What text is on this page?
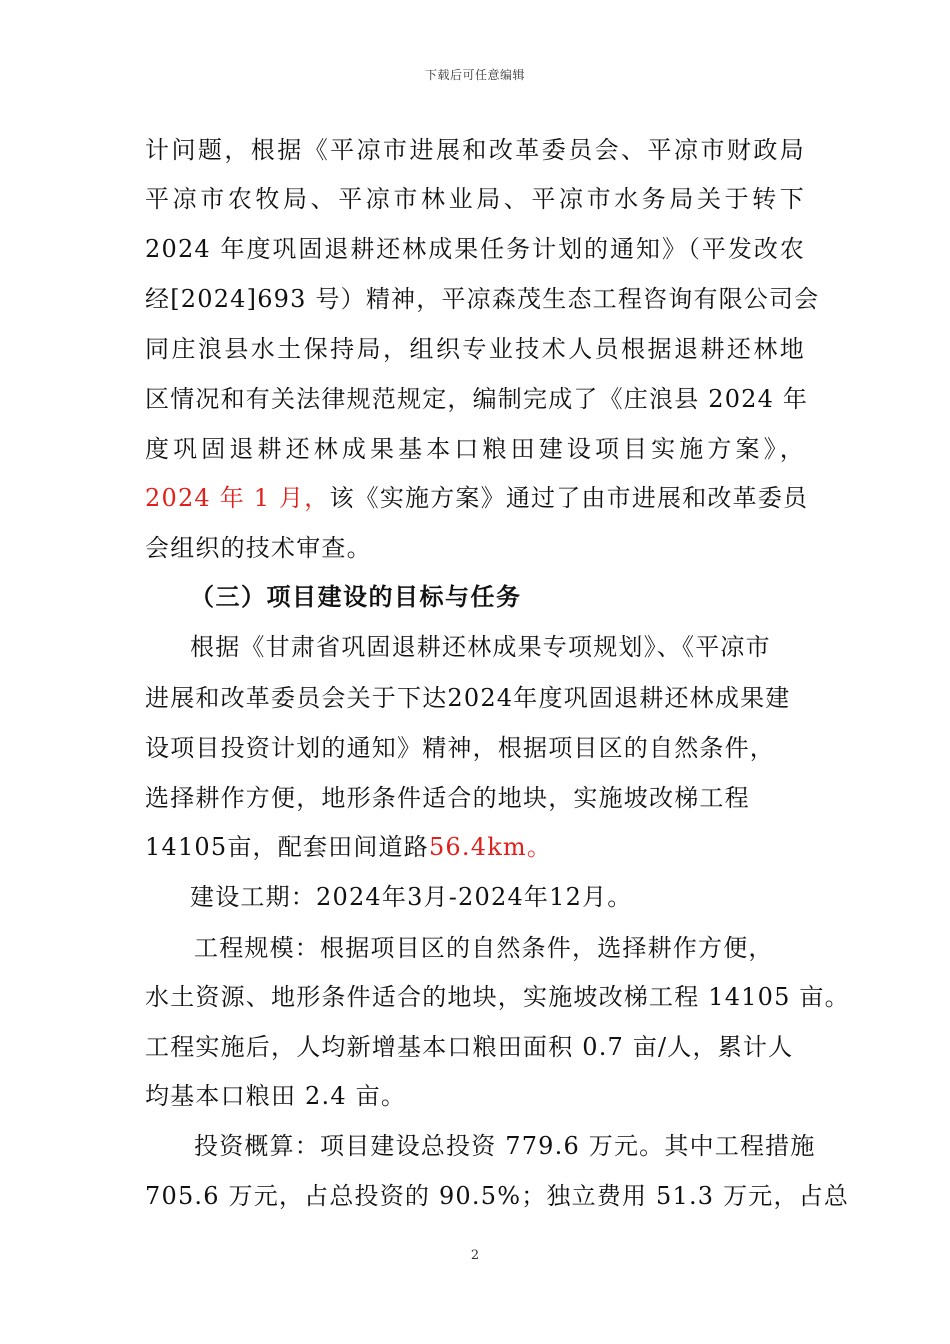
下载后可任意编辑
计问题，根据《平凉市进展和改革委员会、平凉市财政局
平凉市农牧局、平凉市林业局、平凉市水务局关于转下
2024 年度巩固退耕还林成果任务计划的通知》（平发改农
经[2024]693 号）精神，平凉森茂生态工程咨询有限公司会
同庄浪县水土保持局，组织专业技术人员根据退耕还林地
区情况和有关法律规范规定，编制完成了《庄浪县 2024 年
度巩固退耕还林成果基本口粮田建设项目实施方案》，
2024 年 1 月，该《实施方案》通过了由市进展和改革委员
会组织的技术审查。
（三）项目建设的目标与任务
根据《甘肃省巩固退耕还林成果专项规划》、《平凉市
进展和改革委员会关于下达2024年度巩固退耕还林成果建
设项目投资计划的通知》精神，根据项目区的自然条件，
选择耕作方便，地形条件适合的地块，实施坡改梯工程
14105亩，配套田间道路56.4km。
建设工期：2024年3月-2024年12月。
工程规模：根据项目区的自然条件，选择耕作方便，
水土资源、地形条件适合的地块，实施坡改梯工程 14105 亩。
工程实施后，人均新增基本口粮田面积 0.7 亩/人，累计人
均基本口粮田 2.4 亩。
投资概算：项目建设总投资 779.6 万元。其中工程措施
705.6 万元，占总投资的 90.5%；独立费用 51.3 万元，占总
2
